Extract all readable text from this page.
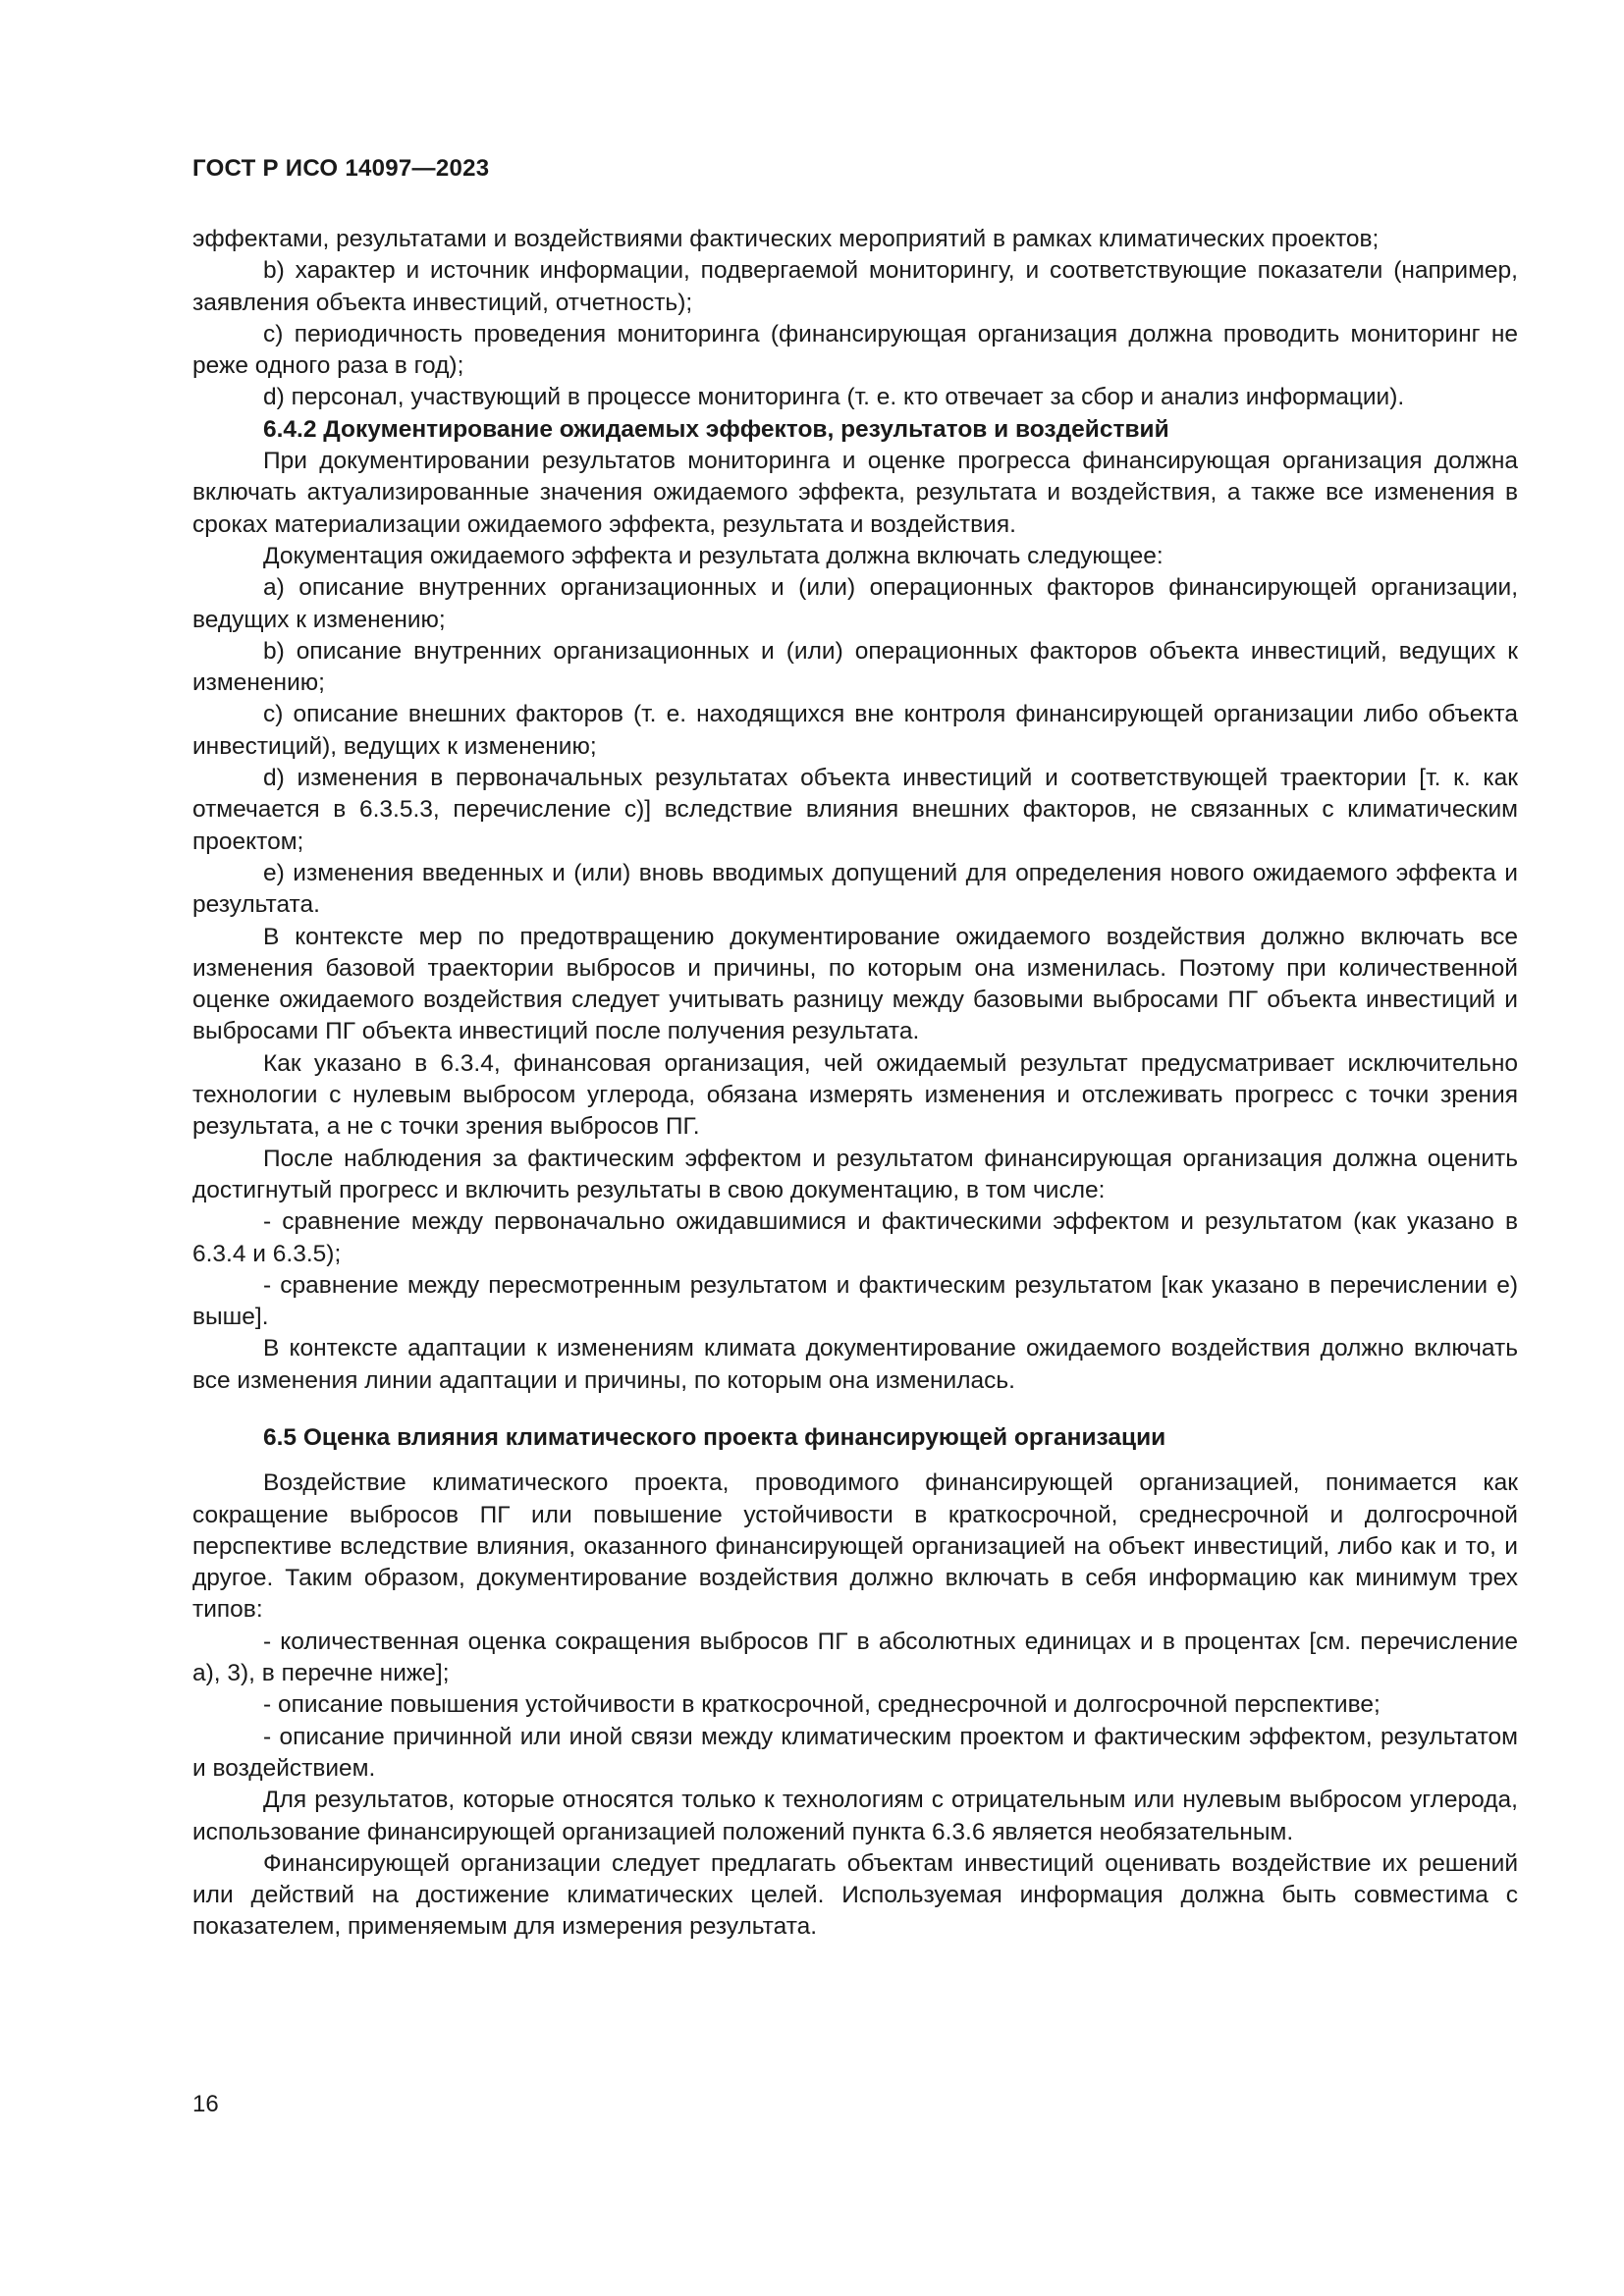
ГОСТ Р ИСО 14097—2023

эффектами, результатами и воздействиями фактических мероприятий в рамках климатических проектов;

b) характер и источник информации, подвергаемой мониторингу, и соответствующие показатели (например, заявления объекта инвестиций, отчетность);

c) периодичность проведения мониторинга (финансирующая организация должна проводить мониторинг не реже одного раза в год);

d) персонал, участвующий в процессе мониторинга (т. е. кто отвечает за сбор и анализ информации).

6.4.2 Документирование ожидаемых эффектов, результатов и воздействий

При документировании результатов мониторинга и оценке прогресса финансирующая организация должна включать актуализированные значения ожидаемого эффекта, результата и воздействия, а также все изменения в сроках материализации ожидаемого эффекта, результата и воздействия.

Документация ожидаемого эффекта и результата должна включать следующее:

a) описание внутренних организационных и (или) операционных факторов финансирующей организации, ведущих к изменению;

b) описание внутренних организационных и (или) операционных факторов объекта инвестиций, ведущих к изменению;

c) описание внешних факторов (т. е. находящихся вне контроля финансирующей организации либо объекта инвестиций), ведущих к изменению;

d) изменения в первоначальных результатах объекта инвестиций и соответствующей траектории [т. к. как отмечается в 6.3.5.3, перечисление c)] вследствие влияния внешних факторов, не связанных с климатическим проектом;

e) изменения введенных и (или) вновь вводимых допущений для определения нового ожидаемого эффекта и результата.

В контексте мер по предотвращению документирование ожидаемого воздействия должно включать все изменения базовой траектории выбросов и причины, по которым она изменилась. Поэтому при количественной оценке ожидаемого воздействия следует учитывать разницу между базовыми выбросами ПГ объекта инвестиций и выбросами ПГ объекта инвестиций после получения результата.

Как указано в 6.3.4, финансовая организация, чей ожидаемый результат предусматривает исключительно технологии с нулевым выбросом углерода, обязана измерять изменения и отслеживать прогресс с точки зрения результата, а не с точки зрения выбросов ПГ.

После наблюдения за фактическим эффектом и результатом финансирующая организация должна оценить достигнутый прогресс и включить результаты в свою документацию, в том числе:

- сравнение между первоначально ожидавшимися и фактическими эффектом и результатом (как указано в 6.3.4 и 6.3.5);

- сравнение между пересмотренным результатом и фактическим результатом [как указано в перечислении e) выше].

В контексте адаптации к изменениям климата документирование ожидаемого воздействия должно включать все изменения линии адаптации и причины, по которым она изменилась.

6.5 Оценка влияния климатического проекта финансирующей организации

Воздействие климатического проекта, проводимого финансирующей организацией, понимается как сокращение выбросов ПГ или повышение устойчивости в краткосрочной, среднесрочной и долгосрочной перспективе вследствие влияния, оказанного финансирующей организацией на объект инвестиций, либо как и то, и другое. Таким образом, документирование воздействия должно включать в себя информацию как минимум трех типов:

- количественная оценка сокращения выбросов ПГ в абсолютных единицах и в процентах [см. перечисление a), 3), в перечне ниже];

- описание повышения устойчивости в краткосрочной, среднесрочной и долгосрочной перспективе;

- описание причинной или иной связи между климатическим проектом и фактическим эффектом, результатом и воздействием.

Для результатов, которые относятся только к технологиям с отрицательным или нулевым выбросом углерода, использование финансирующей организацией положений пункта 6.3.6 является необязательным.

Финансирующей организации следует предлагать объектам инвестиций оценивать воздействие их решений или действий на достижение климатических целей. Используемая информация должна быть совместима с показателем, применяемым для измерения результата.

16
